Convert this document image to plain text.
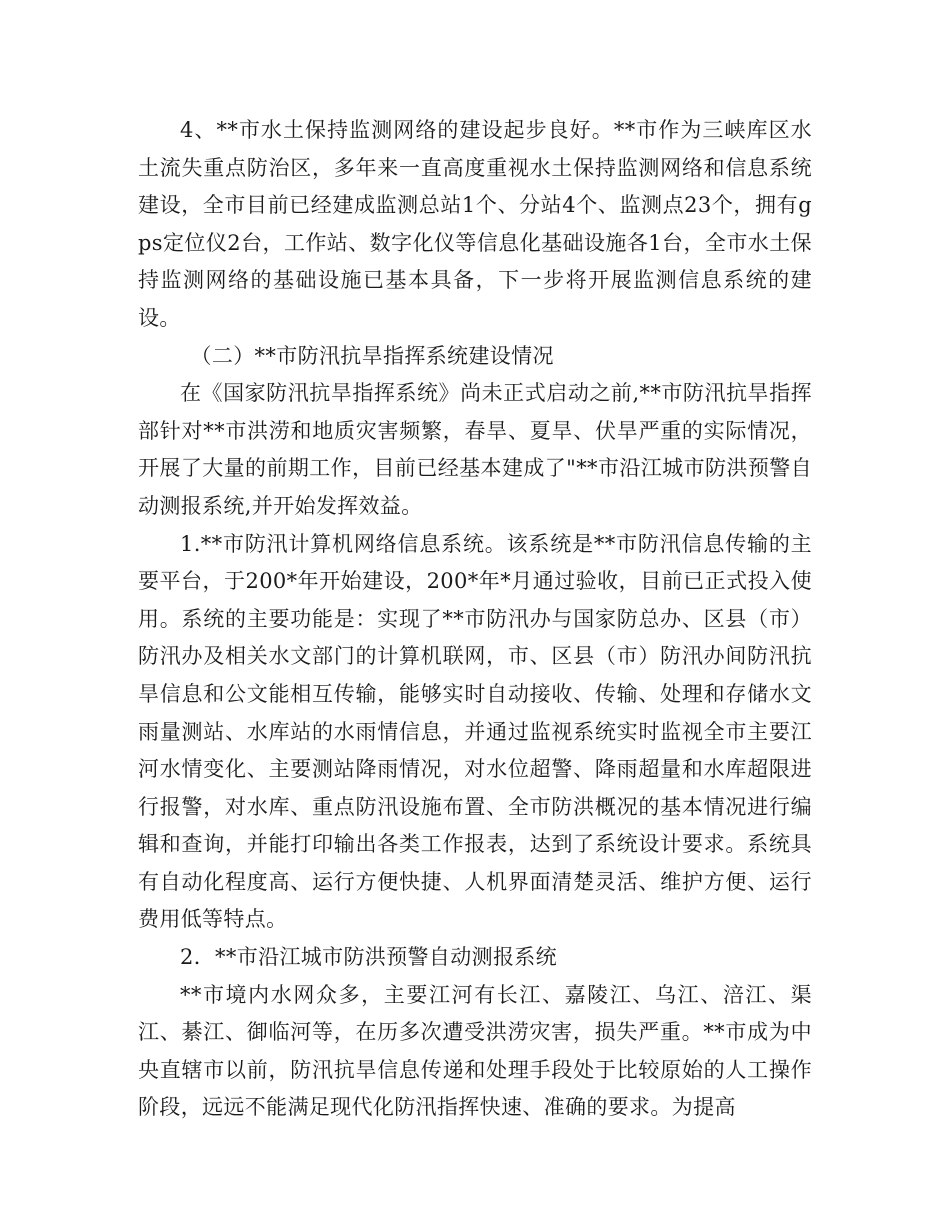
4、**市水土保持监测网络的建设起步良好。**市作为三峡库区水土流失重点防治区，多年来一直高度重视水土保持监测网络和信息系统建设，全市目前已经建成监测总站1个、分站4个、监测点23个，拥有gps定位仪2台，工作站、数字化仪等信息化基础设施各1台，全市水土保持监测网络的基础设施已基本具备，下一步将开展监测信息系统的建设。

（二）**市防汛抗旱指挥系统建设情况

在《国家防汛抗旱指挥系统》尚未正式启动之前,**市防汛抗旱指挥部针对**市洪涝和地质灾害频繁，春旱、夏旱、伏旱严重的实际情况，开展了大量的前期工作，目前已经基本建成了"**市沿江城市防洪预警自动测报系统,并开始发挥效益。

1.**市防汛计算机网络信息系统。该系统是**市防汛信息传输的主要平台，于200*年开始建设，200*年*月通过验收，目前已正式投入使用。系统的主要功能是：实现了**市防汛办与国家防总办、区县（市）防汛办及相关水文部门的计算机联网，市、区县（市）防汛办间防汛抗旱信息和公文能相互传输，能够实时自动接收、传输、处理和存储水文雨量测站、水库站的水雨情信息，并通过监视系统实时监视全市主要江河水情变化、主要测站降雨情况，对水位超警、降雨超量和水库超限进行报警，对水库、重点防汛设施布置、全市防洪概况的基本情况进行编辑和查询，并能打印输出各类工作报表，达到了系统设计要求。系统具有自动化程度高、运行方便快捷、人机界面清楚灵活、维护方便、运行费用低等特点。

2．**市沿江城市防洪预警自动测报系统

**市境内水网众多，主要江河有长江、嘉陵江、乌江、涪江、渠江、綦江、御临河等，在历多次遭受洪涝灾害，损失严重。**市成为中央直辖市以前，防汛抗旱信息传递和处理手段处于比较原始的人工操作阶段，远远不能满足现代化防汛指挥快速、准确的要求。为提高
